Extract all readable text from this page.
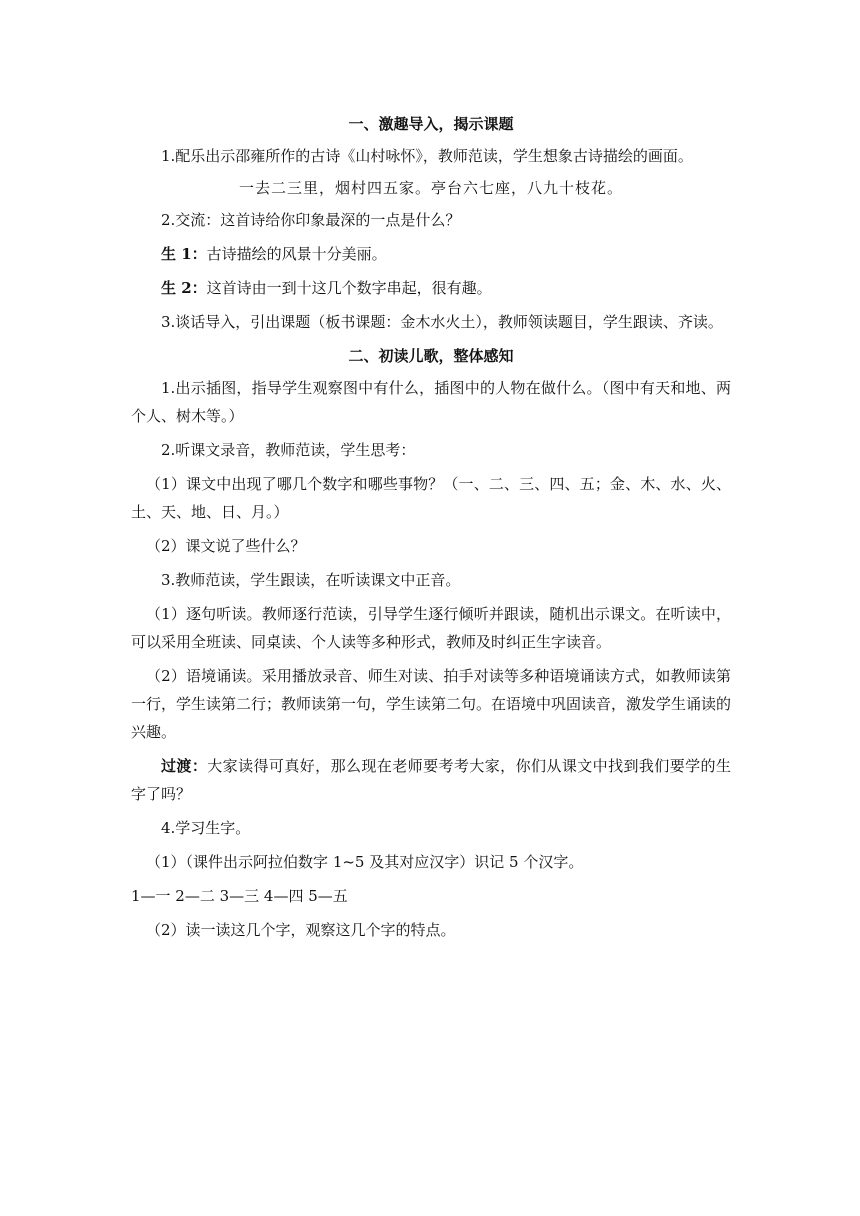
一、激趣导入，揭示课题

1.配乐出示邵雍所作的古诗《山村咏怀》，教师范读，学生想象古诗描绘的画面。

一去二三里，烟村四五家。亭台六七座，八九十枝花。

2.交流：这首诗给你印象最深的一点是什么？

生 1：古诗描绘的风景十分美丽。

生 2：这首诗由一到十这几个数字串起，很有趣。

3.谈话导入，引出课题（板书课题：金木水火土），教师领读题目，学生跟读、齐读。

二、初读儿歌，整体感知

1.出示插图，指导学生观察图中有什么，插图中的人物在做什么。（图中有天和地、两个人、树木等。）

2.听课文录音，教师范读，学生思考：

（1）课文中出现了哪几个数字和哪些事物？（一、二、三、四、五；金、木、水、火、土、天、地、日、月。）

（2）课文说了些什么？

3.教师范读，学生跟读，在听读课文中正音。

（1）逐句听读。教师逐行范读，引导学生逐行倾听并跟读，随机出示课文。在听读中，可以采用全班读、同桌读、个人读等多种形式，教师及时纠正生字读音。

（2）语境诵读。采用播放录音、师生对读、拍手对读等多种语境诵读方式，如教师读第一行，学生读第二行；教师读第一句，学生读第二句。在语境中巩固读音，激发学生诵读的兴趣。

过渡：大家读得可真好，那么现在老师要考考大家，你们从课文中找到我们要学的生字了吗？

4.学习生字。

（1）（课件出示阿拉伯数字 1~5 及其对应汉字）识记 5 个汉字。

1—一 2—二 3—三 4—四 5—五

（2）读一读这几个字，观察这几个字的特点。
